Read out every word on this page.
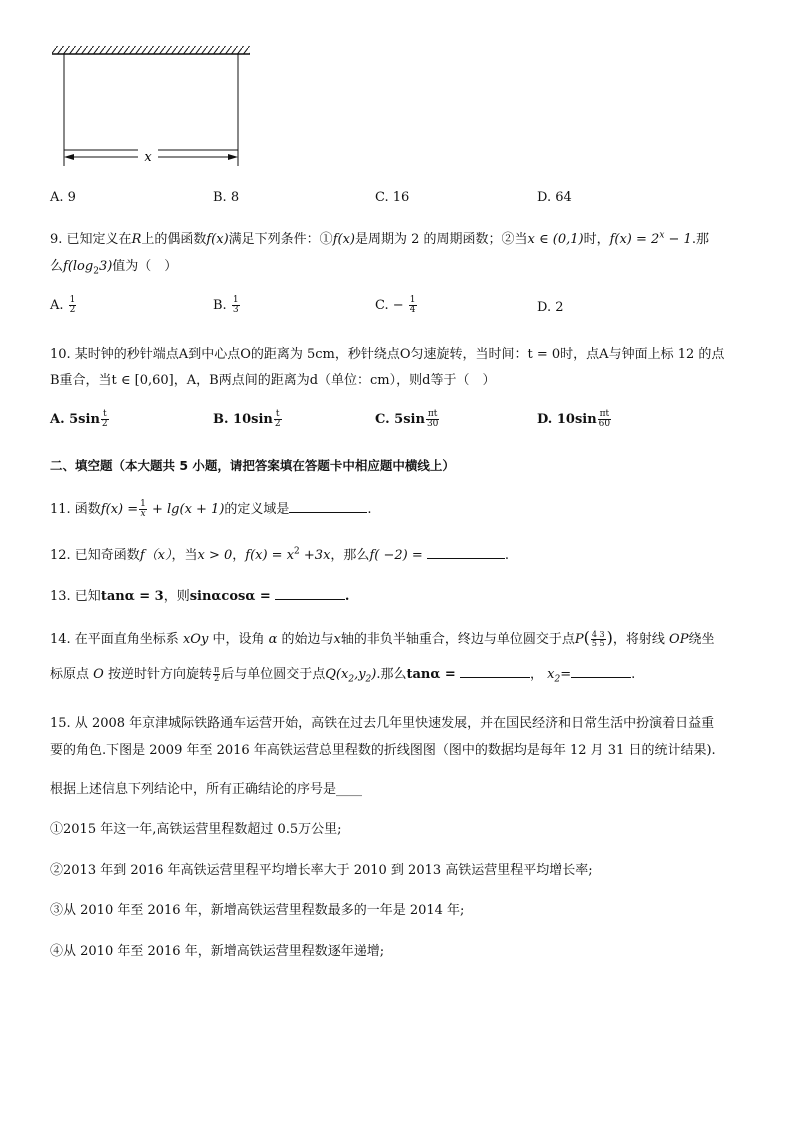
x
A. 9	B. 8	C. 16	D. 64
9. 已知定义在R上的偶函数f(x)满足下列条件：①f(x)是周期为 2 的周期函数；②当x ∈ (0,1)时，$f(x) = 2^x - 1$.那
么$f(\log_23)$值为（　）
A. $\frac{1}{2}$	B. $\frac{1}{3}$	C. − $\frac{1}{4}$	D. 2
10. 某时钟的秒针端点A到中心点O的距离为 5cm，秒针绕点O匀速旋转，当时间：t = 0时，点A与钟面上标 12 的点
B重合，当t ∈ [0,60]，A，B两点间的距离为d（单位：cm），则d等于（　）
A. $5\sin \frac{t}{2}$	B. $10\sin \frac{t}{2}$	C. $5\sin \frac{\pi t}{30}$	D. $10\sin \frac{\pi t}{60}$
二、填空题（本大题共 5 小题，请把答案填在答题卡中相应题中横线上）
11. 函数$f(x) = \frac{1}{x} + \lg(x + 1)$的定义域是	.
12. 已知奇函数f（x），当x > 0，$f(x) = x^2 +3x$，那么f( −2) =	.
13. 已知tanα = 3，则sinαcosα =	.
14. 在平面直角坐标系 xOy 中，设角 α 的始边与x轴的非负半轴重合，终边与单位圆交于点$P( \frac{4 3}{5 5}$ )，将射线 OP绕坐
标原点 O 按逆时针方向旋转 $\frac{\pi}{2}$ 后与单位圆交于点$Q(x_2,y_2)$.那么tanα =	， $x_2=$	.
15. 从 2008 年京津城际铁路通车运营开始，高铁在过去几年里快速发展，并在国民经济和日常生活中扮演着日益重
要的角色.下图是 2009 年至 2016 年高铁运营总里程数的折线图图（图中的数据均是每年 12 月 31 日的统计结果).
根据上述信息下列结论中，所有正确结论的序号是____
①2015 年这一年,高铁运营里程数超过 0.5万公里;
②2013 年到 2016 年高铁运营里程平均增长率大于 2010 到 2013 高铁运营里程平均增长率;
③从 2010 年至 2016 年，新增高铁运营里程数最多的一年是 2014 年;
④从 2010 年至 2016 年，新增高铁运营里程数逐年递增;
